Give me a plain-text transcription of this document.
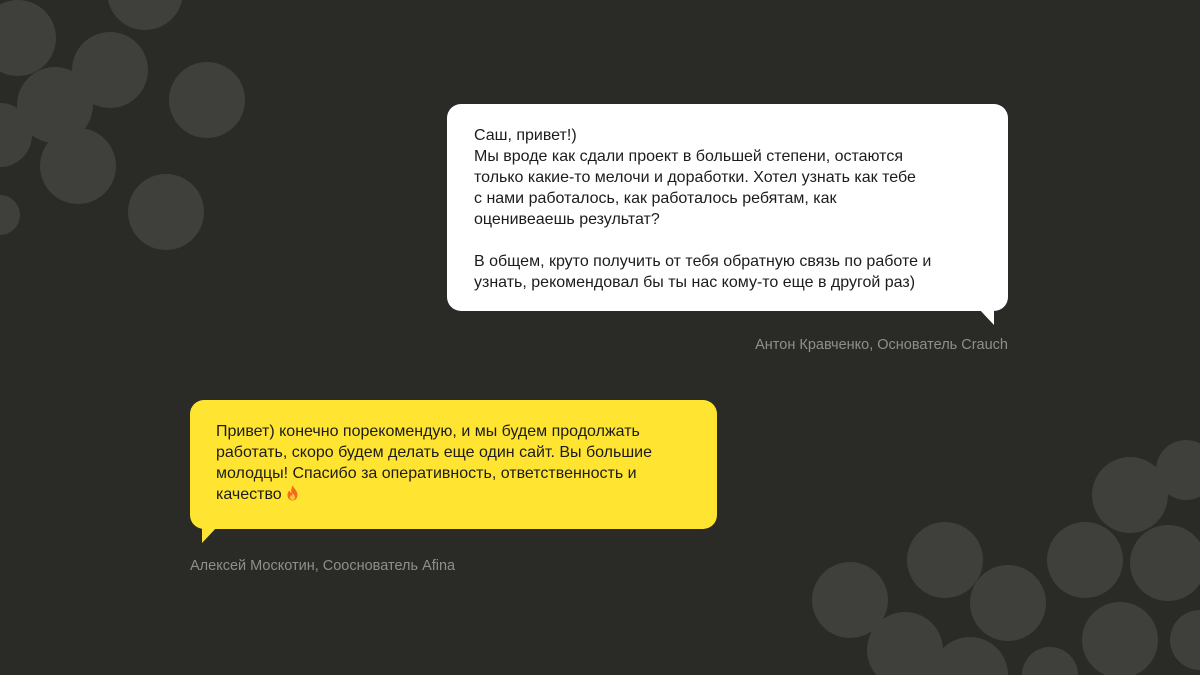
Саш, привет!)

Мы вроде как сдали проект в большей степени, остаются

только какие-то мелочи и доработки. Хотел узнать как тебе

с нами работалось, как работалось ребятам, как

оценивеаешь результат?

В общем, круто получить от тебя обратную связь по работе и

узнать, рекомендовал бы ты нас кому-то еще в другой раз)

Антон Кравченко, Основатель Crauch

Привет) конечно порекомендую, и мы будем продолжать

работать, скоро будем делать еще один сайт. Вы большие

молодцы! Спасибо за оперативность, ответственность и

качество

Алексей Москотин, Сооснователь Afina
